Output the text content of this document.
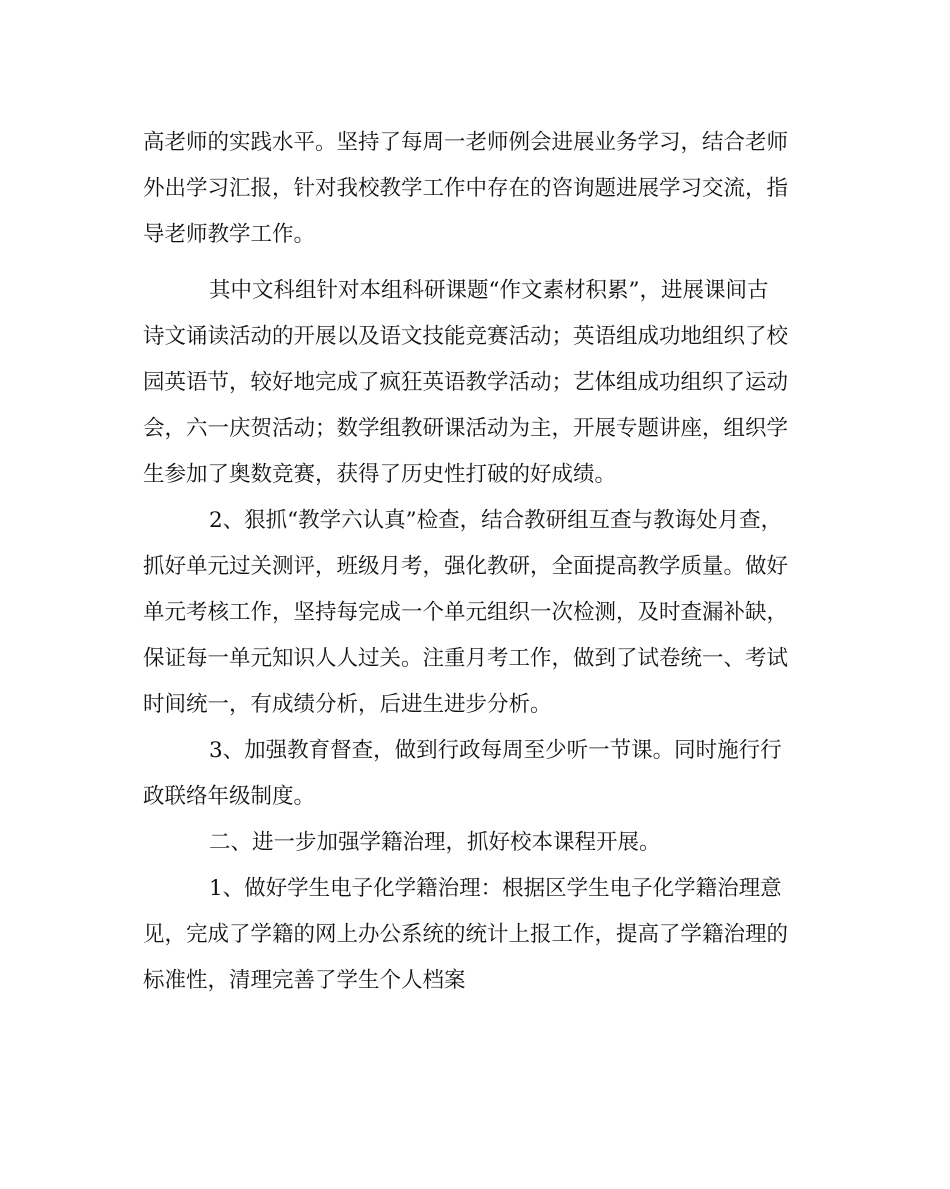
高老师的实践水平。坚持了每周一老师例会进展业务学习，结合老师
外出学习汇报，针对我校教学工作中存在的咨询题进展学习交流，指
导老师教学工作。
其中文科组针对本组科研课题“作文素材积累”，进展课间古
诗文诵读活动的开展以及语文技能竞赛活动；英语组成功地组织了校
园英语节，较好地完成了疯狂英语教学活动；艺体组成功组织了运动
会，六一庆贺活动；数学组教研课活动为主，开展专题讲座，组织学
生参加了奥数竞赛，获得了历史性打破的好成绩。
2、狠抓“教学六认真”检查，结合教研组互查与教诲处月查，
抓好单元过关测评，班级月考，强化教研，全面提高教学质量。做好
单元考核工作，坚持每完成一个单元组织一次检测，及时查漏补缺，
保证每一单元知识人人过关。注重月考工作，做到了试卷统一、考试
时间统一，有成绩分析，后进生进步分析。
3、加强教育督查，做到行政每周至少听一节课。同时施行行
政联络年级制度。
二、进一步加强学籍治理，抓好校本课程开展。
1、做好学生电子化学籍治理：根据区学生电子化学籍治理意
见，完成了学籍的网上办公系统的统计上报工作，提高了学籍治理的
标准性，清理完善了学生个人档案
